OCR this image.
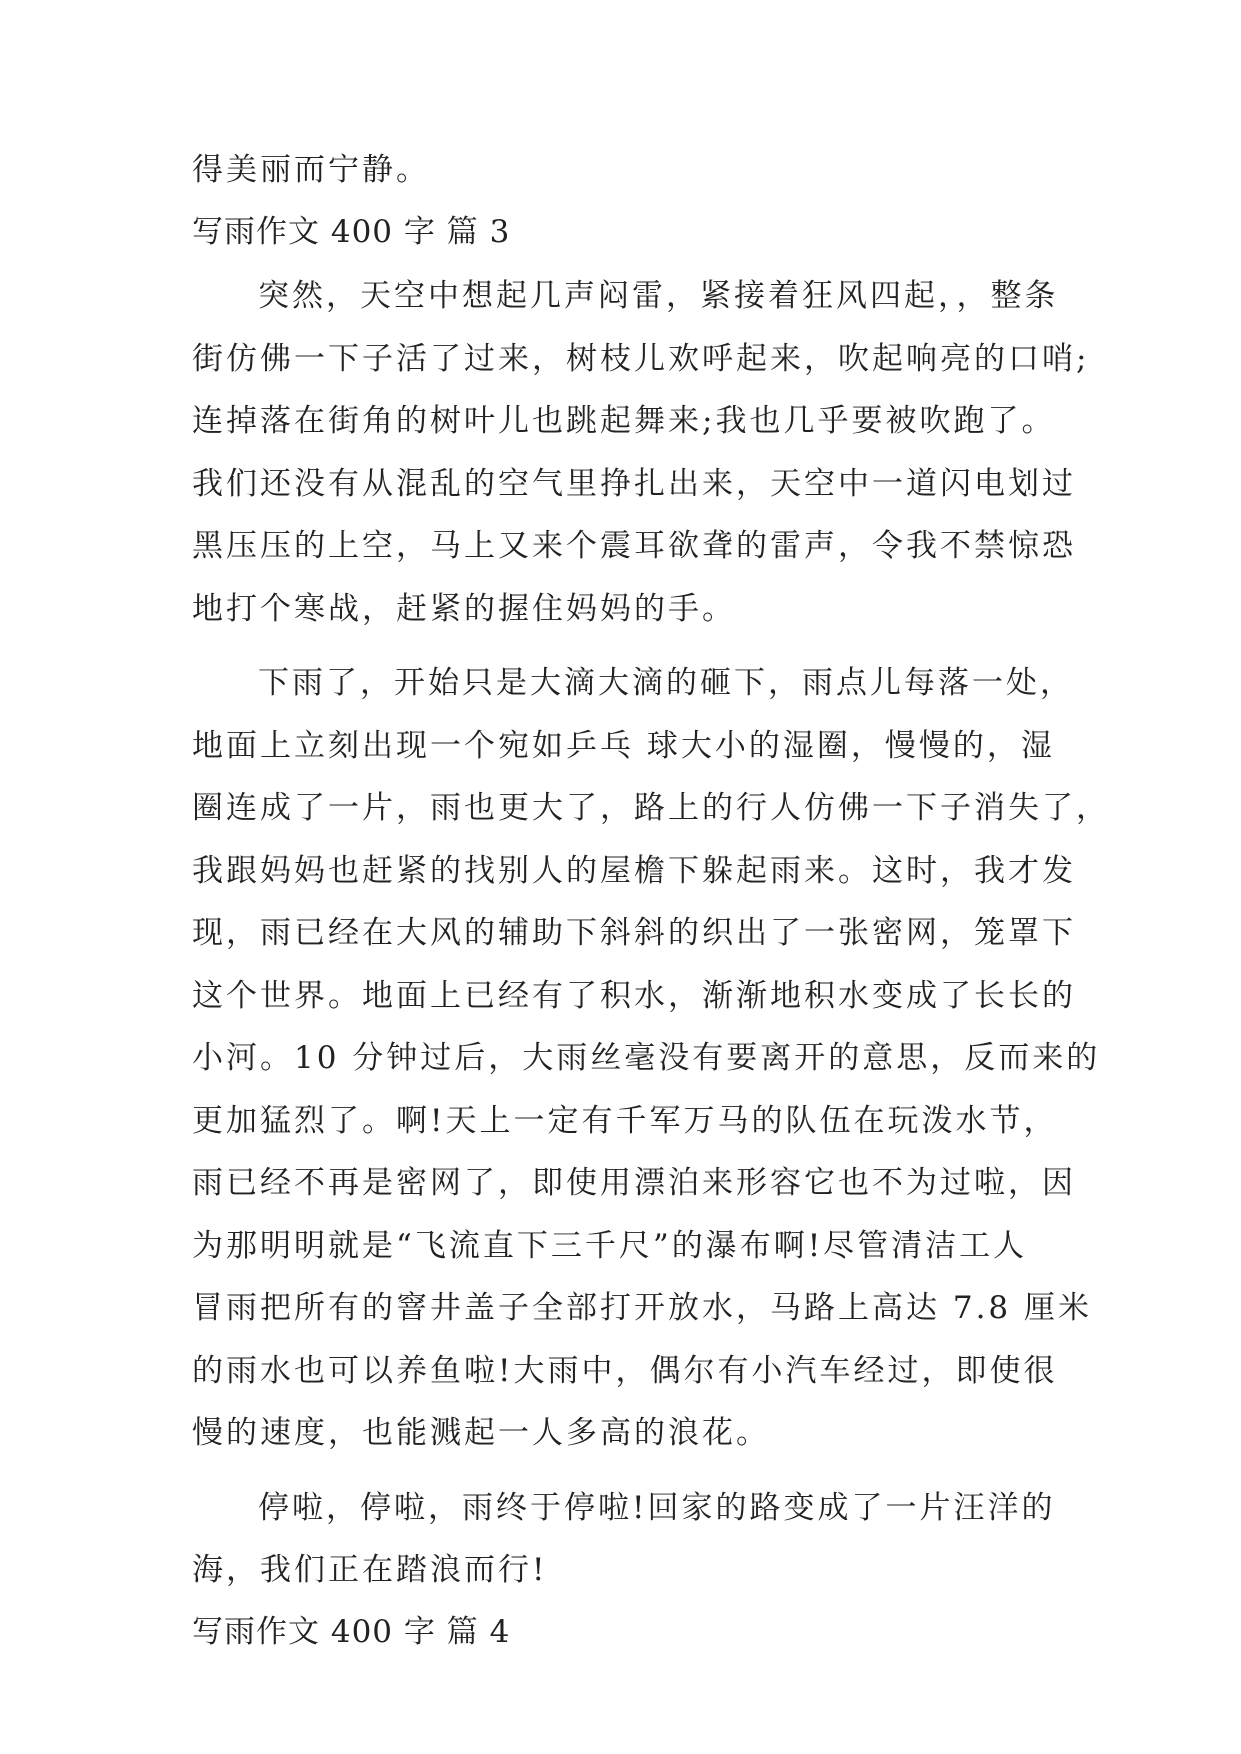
得美丽而宁静。
写雨作文 400 字 篇 3
突然，天空中想起几声闷雷，紧接着狂风四起，，整条
街仿佛一下子活了过来，树枝儿欢呼起来，吹起响亮的口哨;
连掉落在街角的树叶儿也跳起舞来;我也几乎要被吹跑了。
我们还没有从混乱的空气里挣扎出来，天空中一道闪电划过
黑压压的上空，马上又来个震耳欲聋的雷声，令我不禁惊恐
地打个寒战，赶紧的握住妈妈的手。
下雨了，开始只是大滴大滴的砸下，雨点儿每落一处，
地面上立刻出现一个宛如乒乓 球大小的湿圈，慢慢的，湿
圈连成了一片，雨也更大了，路上的行人仿佛一下子消失了，
我跟妈妈也赶紧的找别人的屋檐下躲起雨来。这时，我才发
现，雨已经在大风的辅助下斜斜的织出了一张密网，笼罩下
这个世界。地面上已经有了积水，渐渐地积水变成了长长的
小河。10 分钟过后，大雨丝毫没有要离开的意思，反而来的
更加猛烈了。啊!天上一定有千军万马的队伍在玩泼水节，
雨已经不再是密网了，即使用漂泊来形容它也不为过啦，因
为那明明就是“飞流直下三千尺”的瀑布啊!尽管清洁工人
冒雨把所有的窨井盖子全部打开放水，马路上高达 7.8 厘米
的雨水也可以养鱼啦!大雨中，偶尔有小汽车经过，即使很
慢的速度，也能溅起一人多高的浪花。
停啦，停啦，雨终于停啦!回家的路变成了一片汪洋的
海，我们正在踏浪而行!
写雨作文 400 字 篇 4
